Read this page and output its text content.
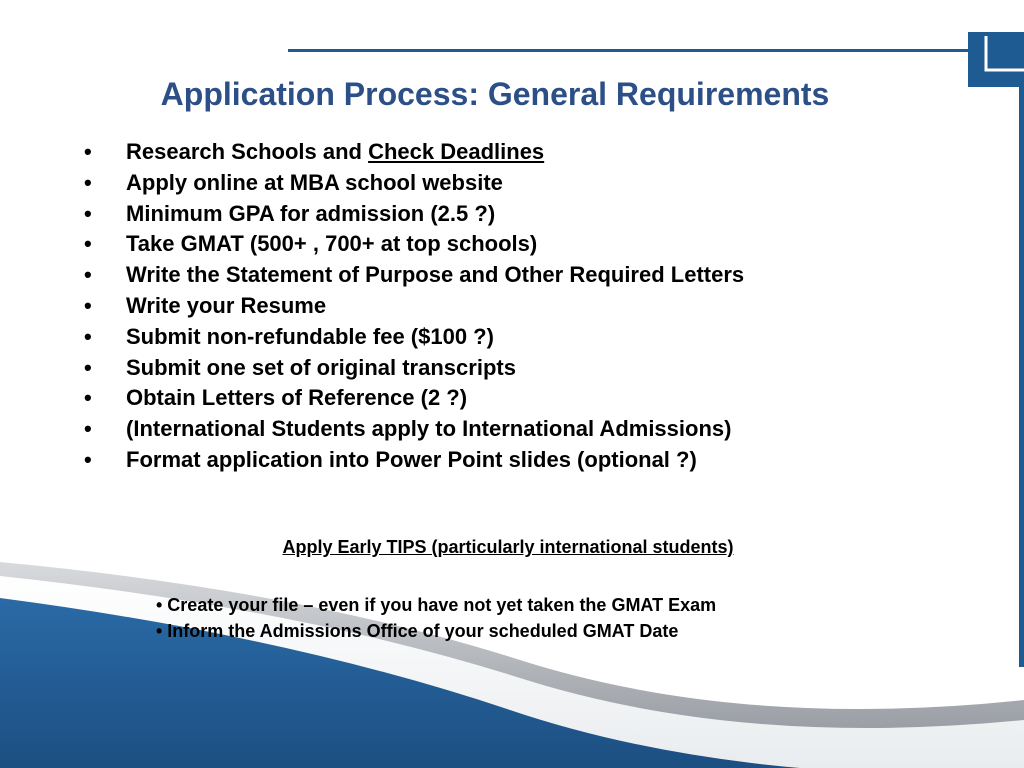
Application Process: General Requirements
• Research Schools and Check Deadlines
• Apply online at MBA school website
• Minimum GPA for admission (2.5 ?)
• Take GMAT (500+ , 700+ at top schools)
• Write the Statement of Purpose and Other Required Letters
• Write your Resume
• Submit non-refundable fee ($100 ?)
• Submit one set of original transcripts
• Obtain Letters of Reference (2 ?)
• (International Students apply to International Admissions)
• Format application into Power Point slides (optional ?)
Apply Early TIPS (particularly international students)
• Create your file – even if you have not yet taken the GMAT Exam
• Inform the Admissions Office of your scheduled GMAT Date
